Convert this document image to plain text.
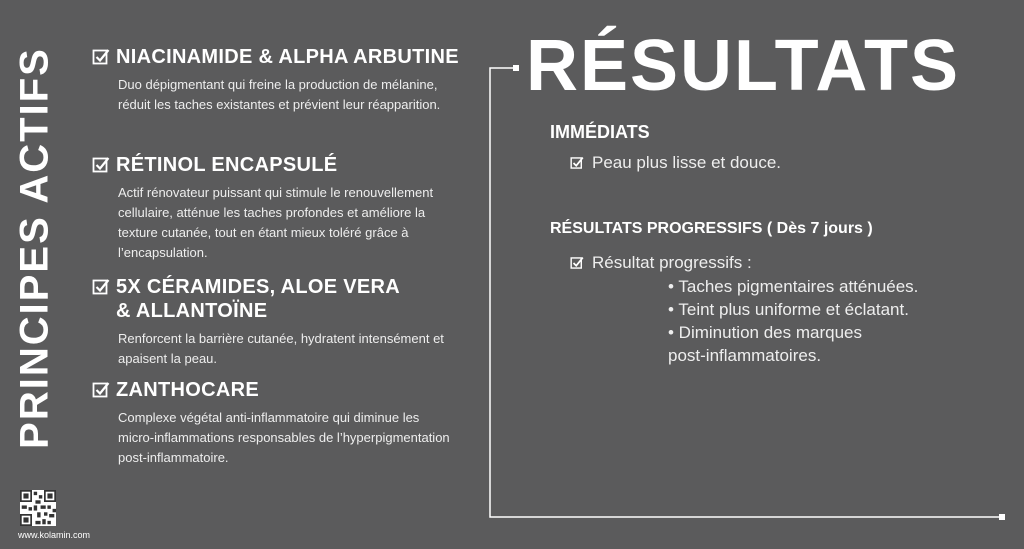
PRINCIPES ACTIFS
www.kolamin.com
NIACINAMIDE & ALPHA ARBUTINE
Duo dépigmentant qui freine la production de mélanine, réduit les taches existantes et prévient leur réapparition.
RÉTINOL ENCAPSULÉ
Actif rénovateur puissant qui stimule le renouvellement cellulaire, atténue les taches profondes et améliore la texture cutanée, tout en étant mieux toléré grâce à l’encapsulation.
5X CÉRAMIDES, ALOE VERA
& ALLANTOÏNE
Renforcent la barrière cutanée, hydratent intensément et apaisent la peau.
ZANTHOCARE
Complexe végétal anti-inflammatoire qui diminue les micro-inflammations responsables de l’hyperpigmentation post-inflammatoire.
RÉSULTATS
IMMÉDIATS
Peau plus lisse et douce.
RÉSULTATS PROGRESSIFS ( Dès 7 jours )
Résultat progressifs :
• Taches pigmentaires atténuées.
• Teint plus uniforme et éclatant.
• Diminution des marques
post-inflammatoires.
